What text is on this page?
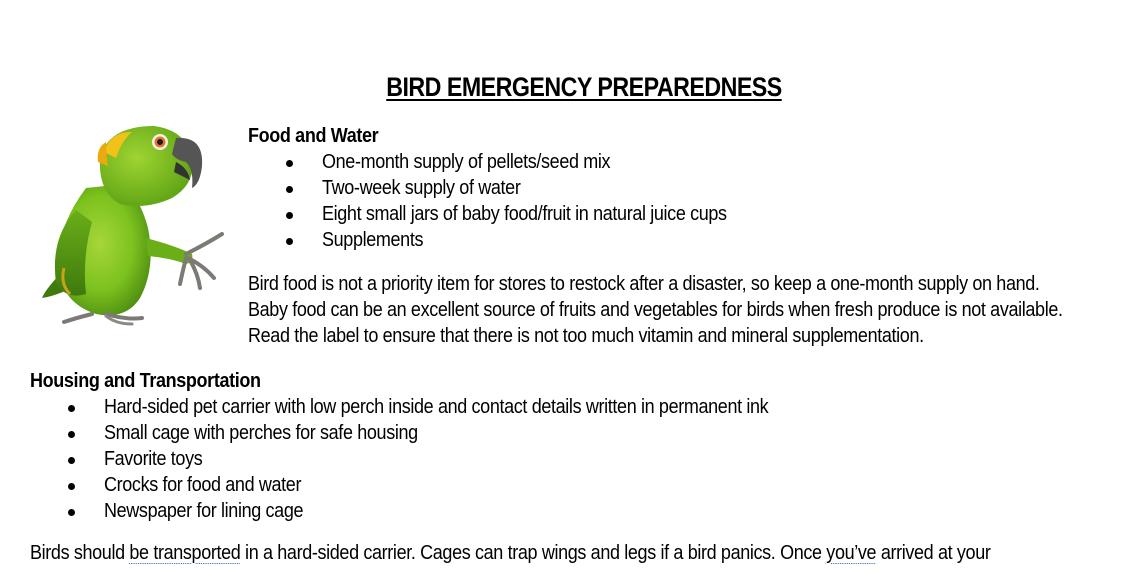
BIRD EMERGENCY PREPAREDNESS
Food and Water
One-month supply of pellets/seed mix
Two-week supply of water
Eight small jars of baby food/fruit in natural juice cups
Supplements
Bird food is not a priority item for stores to restock after a disaster, so keep a one-month supply on hand.
Baby food can be an excellent source of fruits and vegetables for birds when fresh produce is not available.
Read the label to ensure that there is not too much vitamin and mineral supplementation.
Housing and Transportation
Hard-sided pet carrier with low perch inside and contact details written in permanent ink
Small cage with perches for safe housing
Favorite toys
Crocks for food and water
Newspaper for lining cage
Birds should be transported in a hard-sided carrier. Cages can trap wings and legs if a bird panics. Once you’ve arrived at your
